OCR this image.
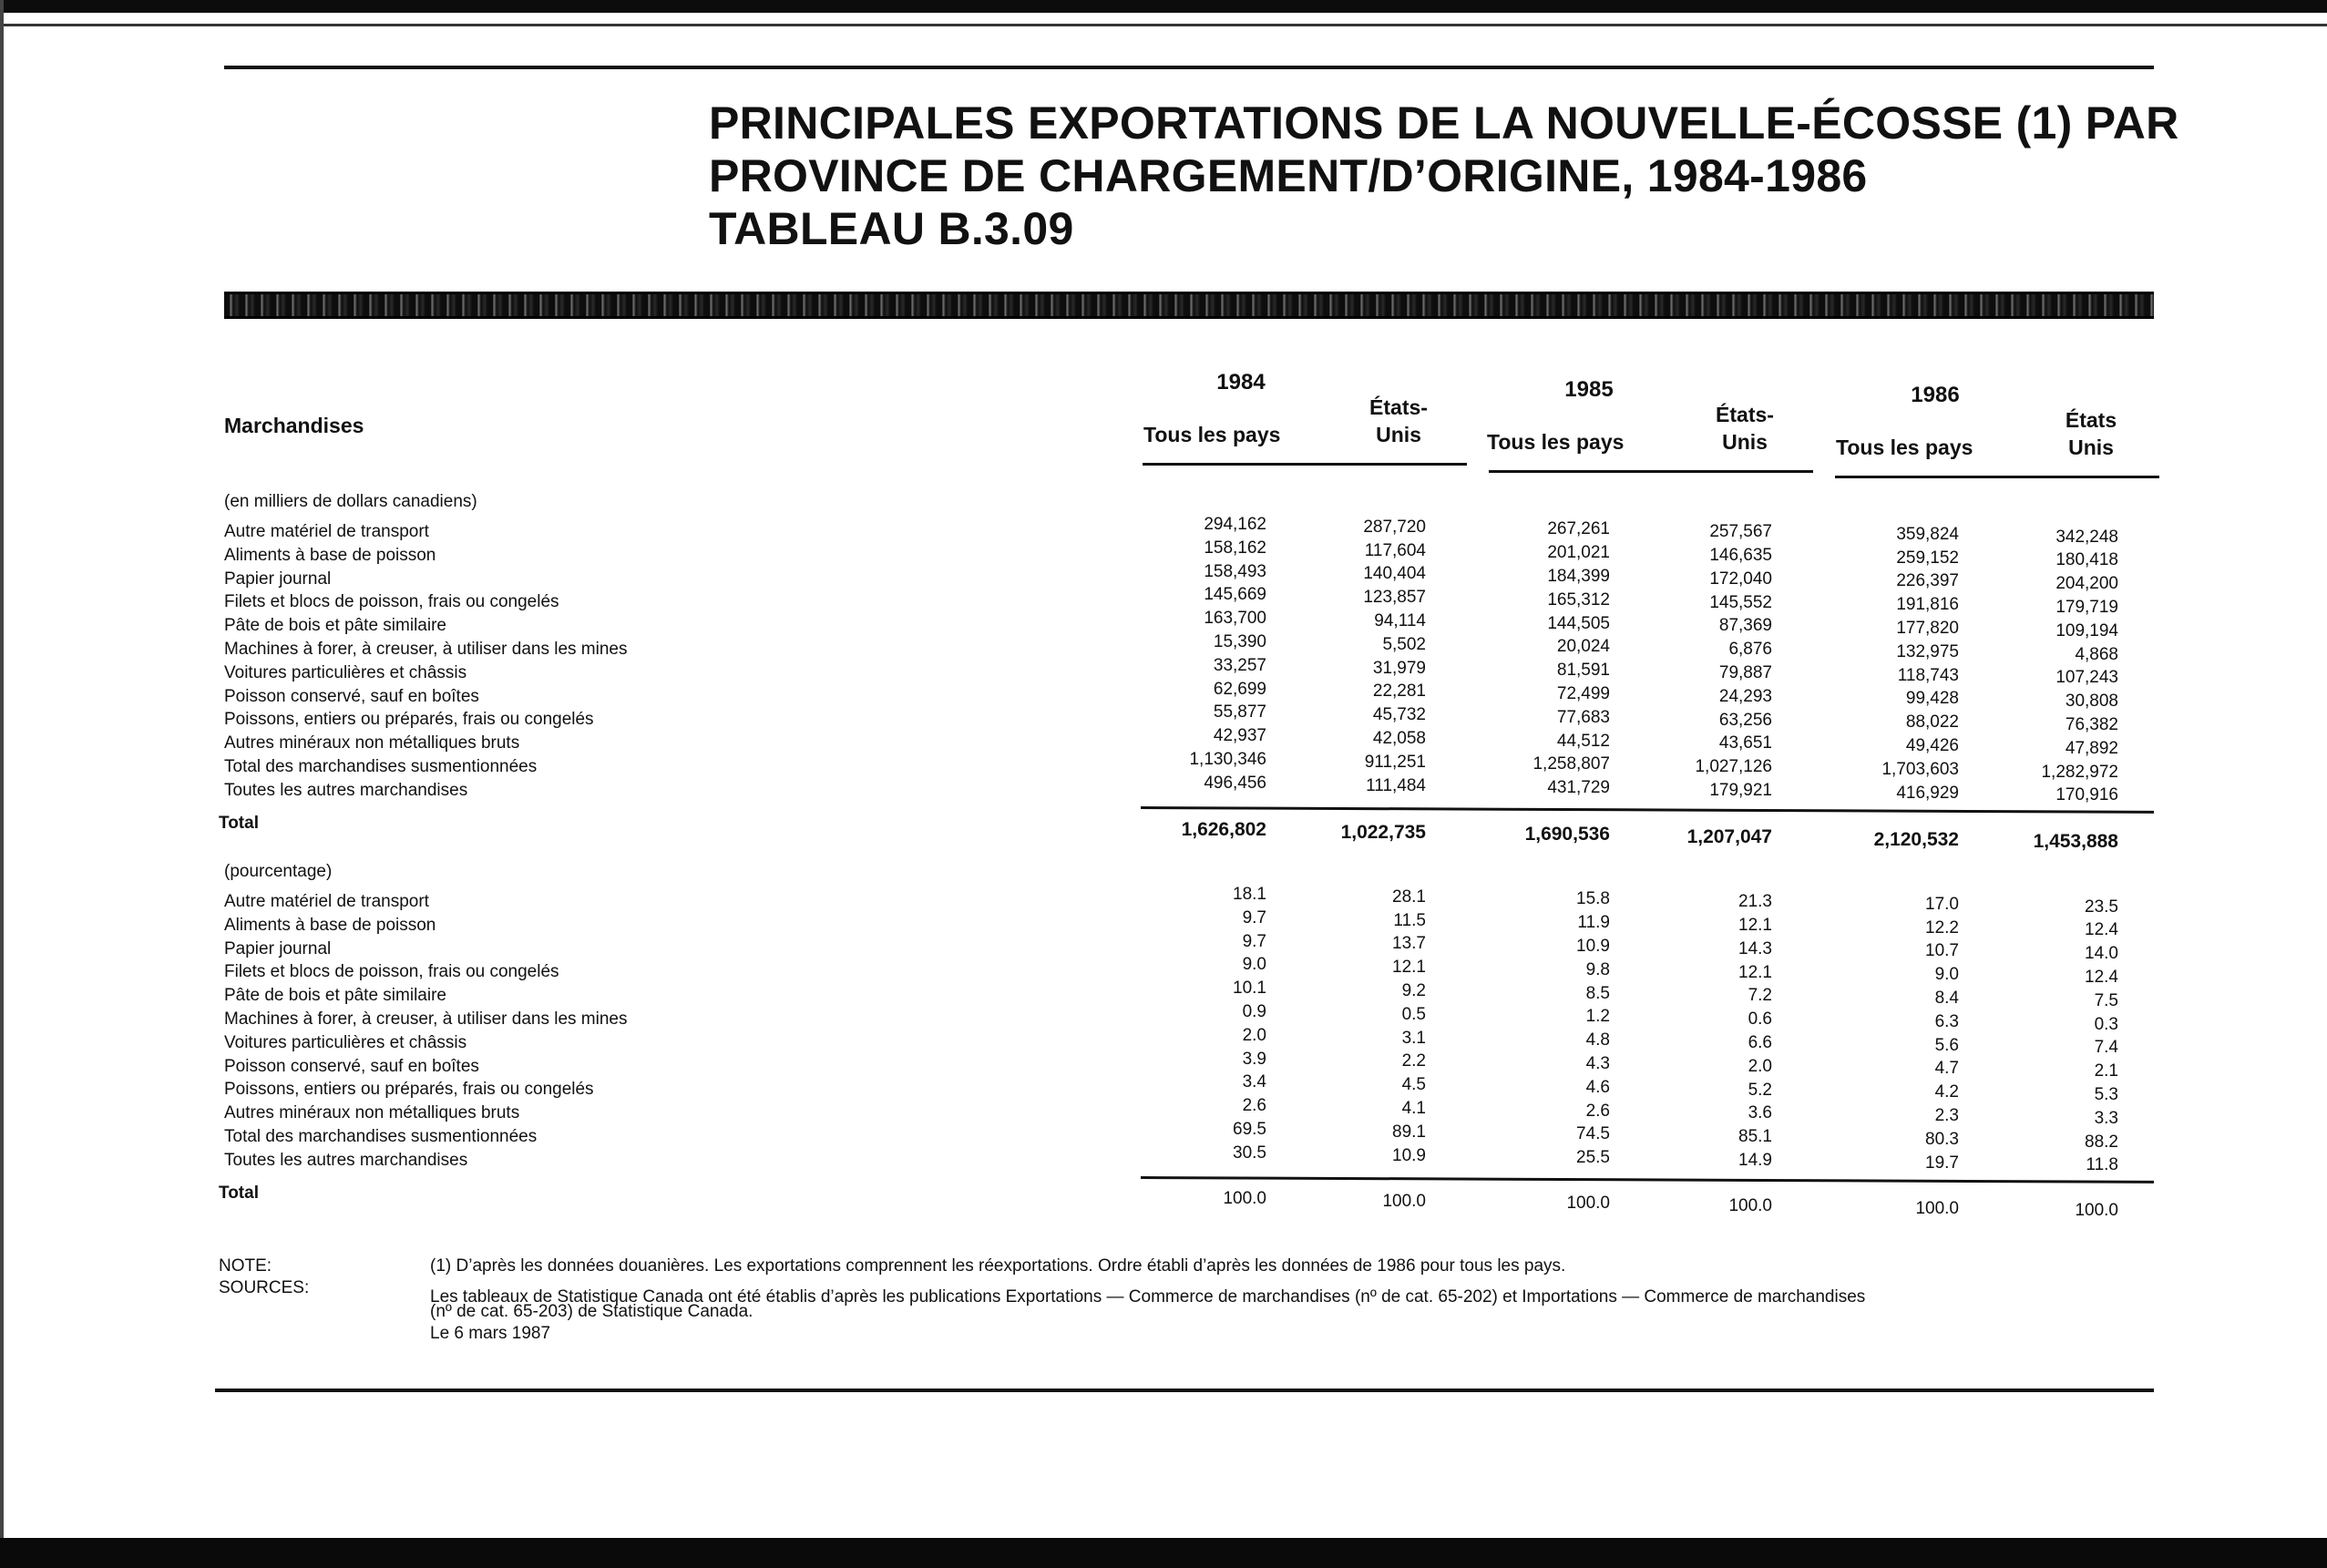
PRINCIPALES EXPORTATIONS DE LA NOUVELLE-ÉCOSSE (1) PAR
PROVINCE DE CHARGEMENT/D’ORIGINE, 1984-1986
TABLEAU B.3.09
Marchandises
1984
Tous les pays
États-
Unis
1985
Tous les pays
États-
Unis
1986
Tous les pays
États
Unis
(en milliers de dollars canadiens)
Autre matériel de transport	294,162	287,720	267,261	257,567	359,824	342,248
Aliments à base de poisson	158,162	117,604	201,021	146,635	259,152	180,418
Papier journal	158,493	140,404	184,399	172,040	226,397	204,200
Filets et blocs de poisson, frais ou congelés	145,669	123,857	165,312	145,552	191,816	179,719
Pâte de bois et pâte similaire	163,700	94,114	144,505	87,369	177,820	109,194
Machines à forer, à creuser, à utiliser dans les mines	15,390	5,502	20,024	6,876	132,975	4,868
Voitures particulières et châssis	33,257	31,979	81,591	79,887	118,743	107,243
Poisson conservé, sauf en boîtes	62,699	22,281	72,499	24,293	99,428	30,808
Poissons, entiers ou préparés, frais ou congelés	55,877	45,732	77,683	63,256	88,022	76,382
Autres minéraux non métalliques bruts	42,937	42,058	44,512	43,651	49,426	47,892
Total des marchandises susmentionnées	1,130,346	911,251	1,258,807	1,027,126	1,703,603	1,282,972
Toutes les autres marchandises	496,456	111,484	431,729	179,921	416,929	170,916
Total	1,626,802	1,022,735	1,690,536	1,207,047	2,120,532	1,453,888
(pourcentage)
Autre matériel de transport	18.1	28.1	15.8	21.3	17.0	23.5
Aliments à base de poisson	9.7	11.5	11.9	12.1	12.2	12.4
Papier journal	9.7	13.7	10.9	14.3	10.7	14.0
Filets et blocs de poisson, frais ou congelés	9.0	12.1	9.8	12.1	9.0	12.4
Pâte de bois et pâte similaire	10.1	9.2	8.5	7.2	8.4	7.5
Machines à forer, à creuser, à utiliser dans les mines	0.9	0.5	1.2	0.6	6.3	0.3
Voitures particulières et châssis	2.0	3.1	4.8	6.6	5.6	7.4
Poisson conservé, sauf en boîtes	3.9	2.2	4.3	2.0	4.7	2.1
Poissons, entiers ou préparés, frais ou congelés	3.4	4.5	4.6	5.2	4.2	5.3
Autres minéraux non métalliques bruts	2.6	4.1	2.6	3.6	2.3	3.3
Total des marchandises susmentionnées	69.5	89.1	74.5	85.1	80.3	88.2
Toutes les autres marchandises	30.5	10.9	25.5	14.9	19.7	11.8
Total	100.0	100.0	100.0	100.0	100.0	100.0
NOTE:	(1) D’après les données douanières. Les exportations comprennent les réexportations. Ordre établi d’après les données de 1986 pour tous les pays.
SOURCES:	Les tableaux de Statistique Canada ont été établis d’après les publications Exportations — Commerce de marchandises (nº de cat. 65-202) et Importations — Commerce de marchandises
(nº de cat. 65-203) de Statistique Canada.
Le 6 mars 1987
